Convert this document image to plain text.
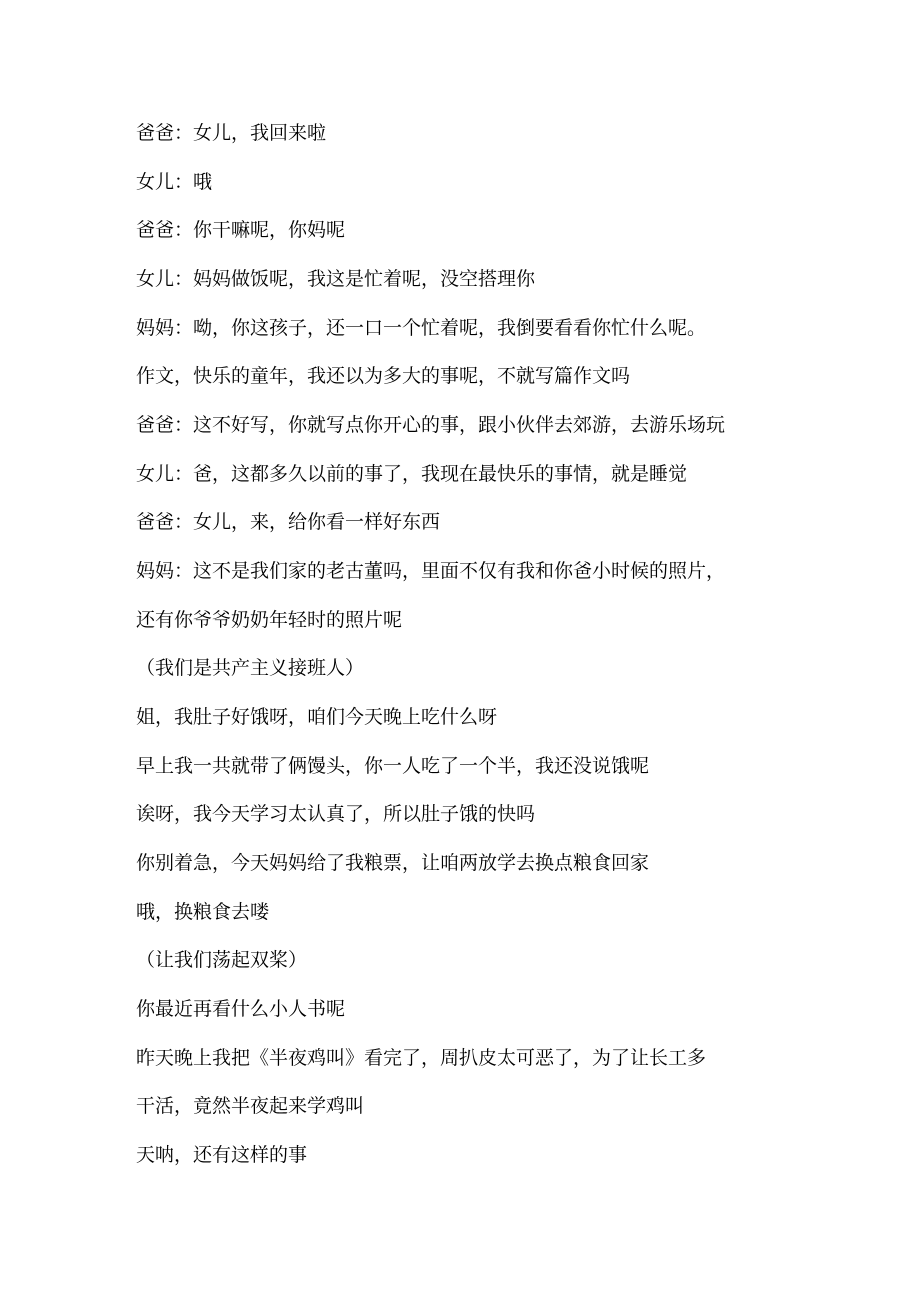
爸爸：女儿，我回来啦

女儿：哦

爸爸：你干嘛呢，你妈呢

女儿：妈妈做饭呢，我这是忙着呢，没空搭理你

妈妈：呦，你这孩子，还一口一个忙着呢，我倒要看看你忙什么呢。

作文，快乐的童年，我还以为多大的事呢，不就写篇作文吗

爸爸：这不好写，你就写点你开心的事，跟小伙伴去郊游，去游乐场玩

女儿：爸，这都多久以前的事了，我现在最快乐的事情，就是睡觉

爸爸：女儿，来，给你看一样好东西

妈妈：这不是我们家的老古董吗，里面不仅有我和你爸小时候的照片，

还有你爷爷奶奶年轻时的照片呢

（我们是共产主义接班人）

姐，我肚子好饿呀，咱们今天晚上吃什么呀

早上我一共就带了俩馒头，你一人吃了一个半，我还没说饿呢

诶呀，我今天学习太认真了，所以肚子饿的快吗

你别着急，今天妈妈给了我粮票，让咱两放学去换点粮食回家

哦，换粮食去喽

（让我们荡起双桨）

你最近再看什么小人书呢

昨天晚上我把《半夜鸡叫》看完了，周扒皮太可恶了，为了让长工多

干活，竟然半夜起来学鸡叫

天呐，还有这样的事
